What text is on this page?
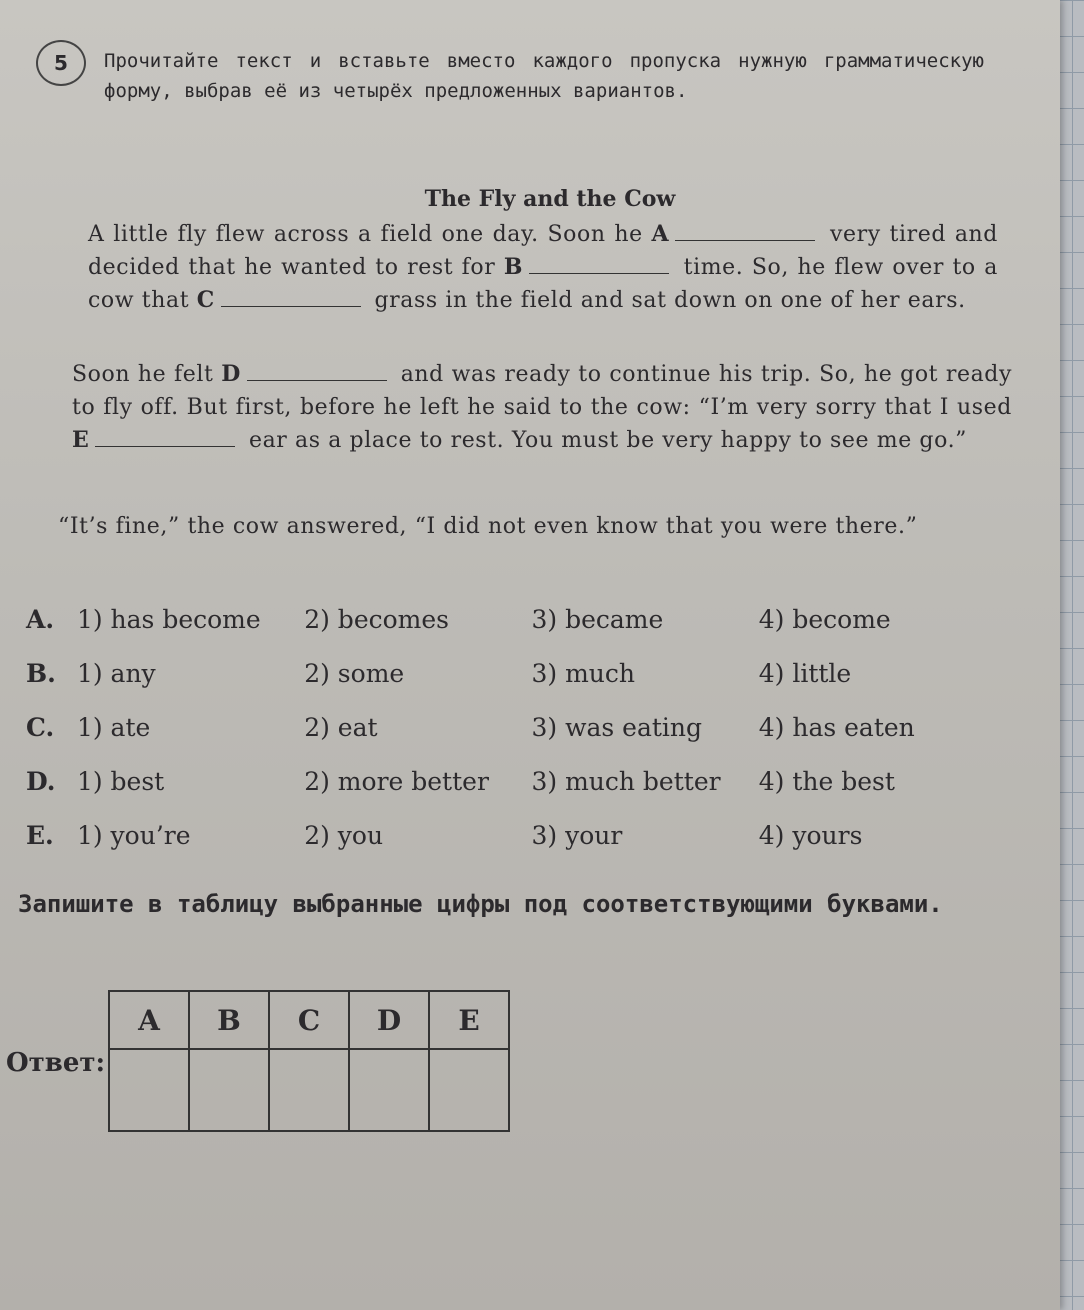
5	Прочитайте текст и вставьте вместо каждого пропуска нужную грамматическую форму, выбрав её из четырёх предложенных вариантов.
The Fly and the Cow
A little fly flew across a field one day. Soon he A	very tired and decided that he wanted to rest for B	time. So, he flew over to a cow that C	grass in the field and sat down on one of her ears.
Soon he felt D	and was ready to continue his trip. So, he got ready to fly off. But first, before he left he said to the cow: “I’m very sorry that I used E	ear as a place to rest. You must be very happy to see me go.”
“It’s fine,” the cow answered, “I did not even know that you were there.”
A. 1) has become	2) becomes	3) became	4) become
B. 1) any	2) some	3) much	4) little
C. 1) ate	2) eat	3) was eating	4) has eaten
D. 1) best	2) more better	3) much better	4) the best
E. 1) you’re	2) you	3) your	4) yours
Запишите в таблицу выбранные цифры под соответствующими буквами.
Ответ:
A	B	C	D	E
